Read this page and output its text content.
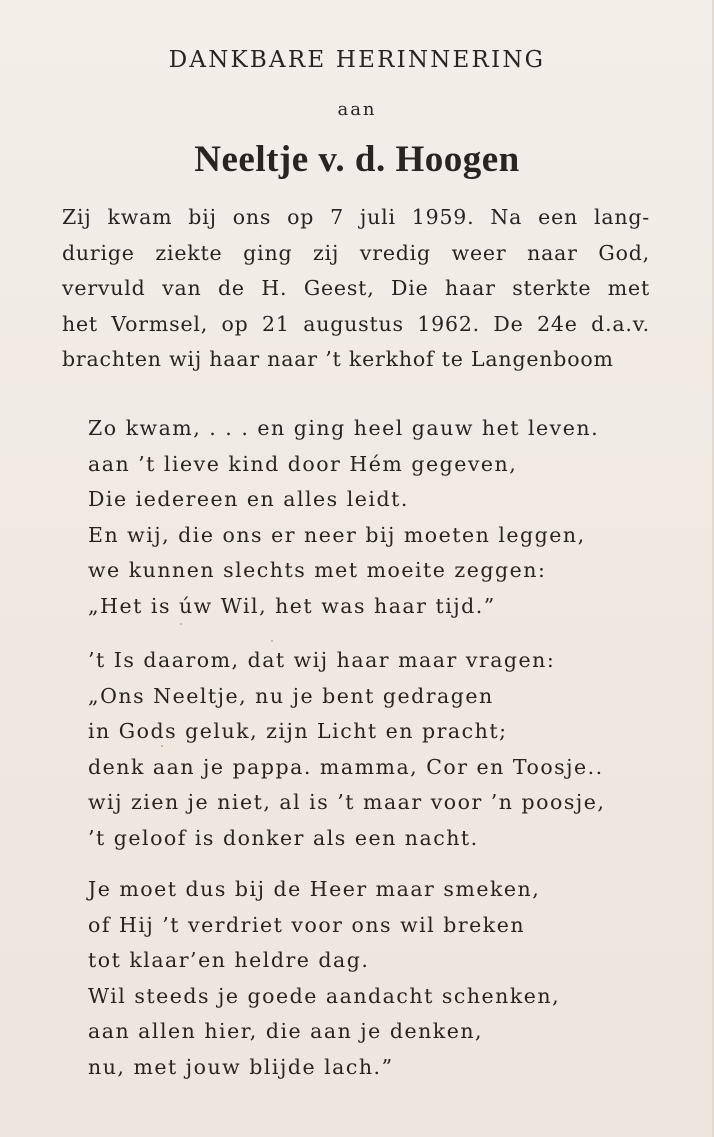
DANKBARE HERINNERING
aan
Neeltje v. d. Hoogen
Zij kwam bij ons op 7 juli 1959. Na een lang-
durige ziekte ging zij vredig weer naar God,
vervuld van de H. Geest, Die haar sterkte met
het Vormsel, op 21 augustus 1962. De 24e d.a.v.
brachten wij haar naar ’t kerkhof te Langenboom
Zo kwam, . . . en ging heel gauw het leven.
aan ’t lieve kind door Hém gegeven,
Die iedereen en alles leidt.
En wij, die ons er neer bij moeten leggen,
we kunnen slechts met moeite zeggen:
„Het is úw Wil, het was haar tijd.”
’t Is daarom, dat wij haar maar vragen:
„Ons Neeltje, nu je bent gedragen
in Gods geluk, zijn Licht en pracht;
denk aan je pappa. mamma, Cor en Toosje..
wij zien je niet, al is ’t maar voor ’n poosje,
’t geloof is donker als een nacht.
Je moet dus bij de Heer maar smeken,
of Hij ’t verdriet voor ons wil breken
tot klaar’en heldre dag.
Wil steeds je goede aandacht schenken,
aan allen hier, die aan je denken,
nu, met jouw blijde lach.”
